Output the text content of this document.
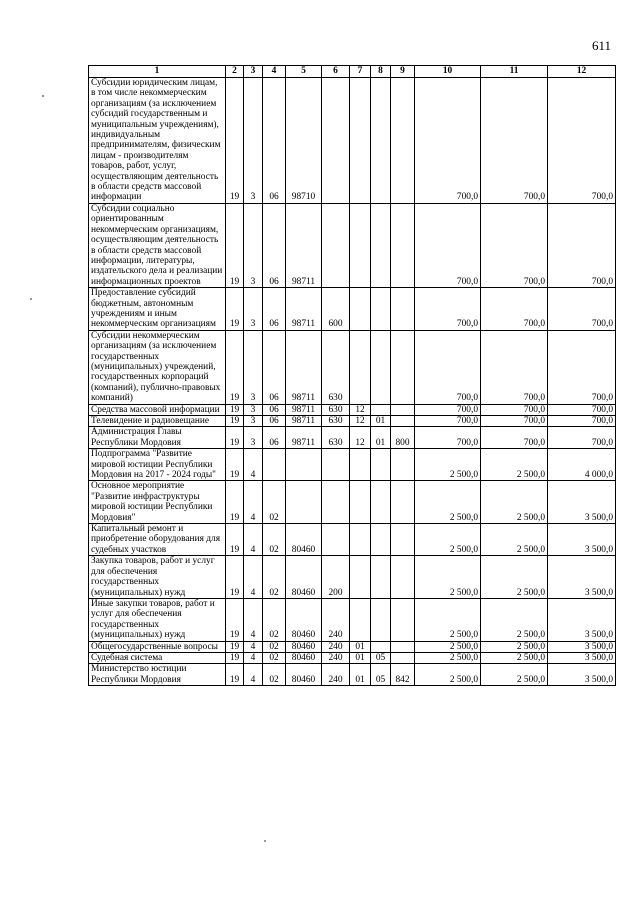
611
1	2	3	4	5	6	7	8	9	10	11	12
Субсидии юридическим лицам, в том числе некоммерческим организациям (за исключением субсидий государственным и муниципальным учреждениям), индивидуальным предпринимателям, физическим лицам - производителям товаров, работ, услуг, осуществляющим деятельность в области средств массовой информации	19	3	06	98710					700,0	700,0	700,0
Субсидии социально ориентированным некоммерческим организациям, осуществляющим деятельность в области средств массовой информации, литературы, издательского дела и реализации информационных проектов	19	3	06	98711					700,0	700,0	700,0
Предоставление субсидий бюджетным, автономным учреждениям и иным некоммерческим организациям	19	3	06	98711	600				700,0	700,0	700,0
Субсидии некоммерческим организациям (за исключением государственных (муниципальных) учреждений, государственных корпораций (компаний), публично-правовых компаний)	19	3	06	98711	630				700,0	700,0	700,0
Средства массовой информации	19	3	06	98711	630	12			700,0	700,0	700,0
Телевидение и радиовещание	19	3	06	98711	630	12	01		700,0	700,0	700,0
Администрация Главы Республики Мордовия	19	3	06	98711	630	12	01	800	700,0	700,0	700,0
Подпрограмма "Развитие мировой юстиции Республики Мордовия на 2017 - 2024 годы"	19	4							2 500,0	2 500,0	4 000,0
Основное мероприятие "Развитие инфраструктуры мировой юстиции Республики Мордовия"	19	4	02						2 500,0	2 500,0	3 500,0
Капитальный ремонт и приобретение оборудования для судебных участков	19	4	02	80460					2 500,0	2 500,0	3 500,0
Закупка товаров, работ и услуг для обеспечения государственных (муниципальных) нужд	19	4	02	80460	200				2 500,0	2 500,0	3 500,0
Иные закупки товаров, работ и услуг для обеспечения государственных (муниципальных) нужд	19	4	02	80460	240				2 500,0	2 500,0	3 500,0
Общегосударственные вопросы	19	4	02	80460	240	01			2 500,0	2 500,0	3 500,0
Судебная система	19	4	02	80460	240	01	05		2 500,0	2 500,0	3 500,0
Министерство юстиции Республики Мордовия	19	4	02	80460	240	01	05	842	2 500,0	2 500,0	3 500,0
